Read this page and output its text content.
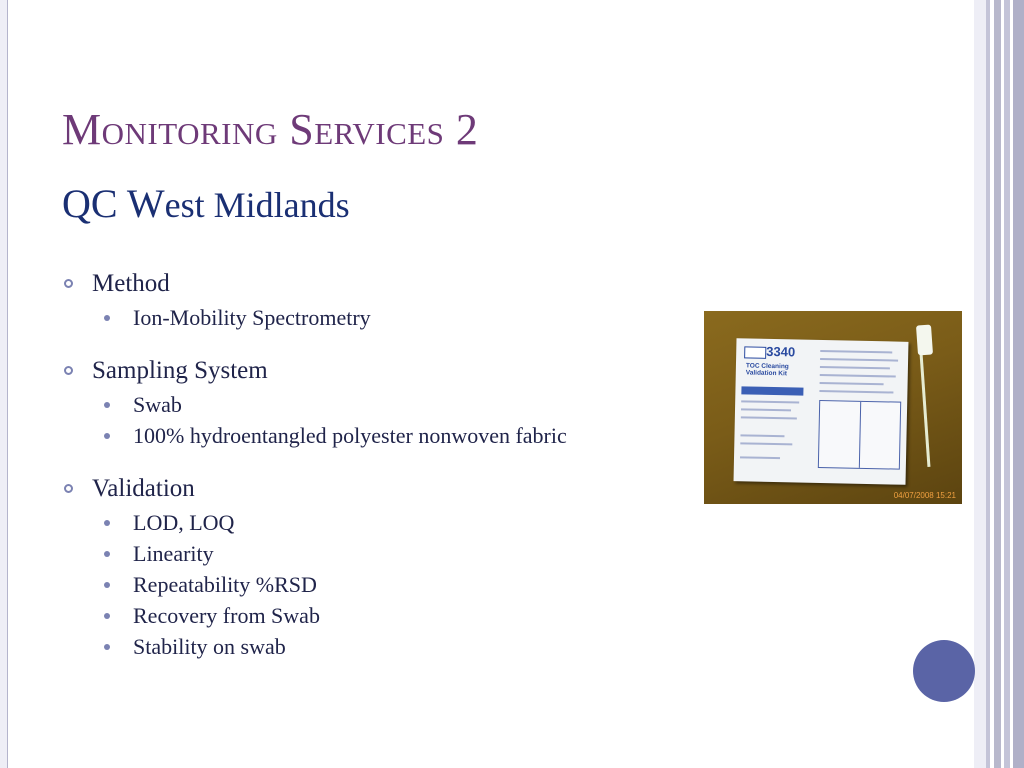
Monitoring Services 2
QC West Midlands
Method
Ion-Mobility Spectrometry
Sampling System
Swab
100% hydroentangled polyester nonwoven fabric
Validation
LOD, LOQ
Linearity
Repeatability %RSD
Recovery from Swab
Stability on swab
3340
TOC Cleaning
Validation Kit
04/07/2008 15:21
